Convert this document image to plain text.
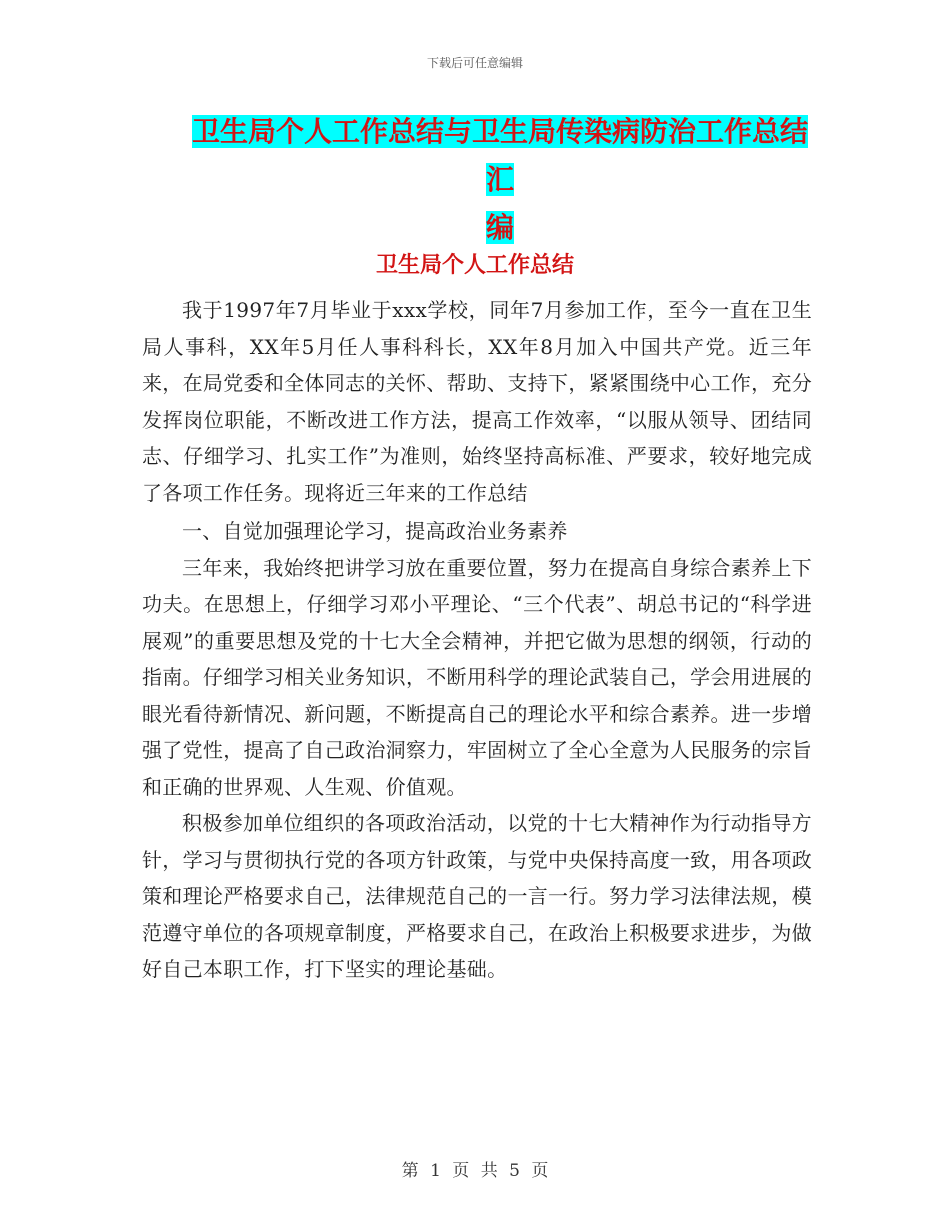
下载后可任意编辑
卫生局个人工作总结与卫生局传染病防治工作总结汇
编
卫生局个人工作总结

我于1997年7月毕业于xxx学校，同年7月参加工作，至今一直在卫生局人事科，XX年5月任人事科科长，XX年8月加入中国共产党。近三年来，在局党委和全体同志的关怀、帮助、支持下，紧紧围绕中心工作，充分发挥岗位职能，不断改进工作方法，提高工作效率，“以服从领导、团结同志、仔细学习、扎实工作”为准则，始终坚持高标准、严要求，较好地完成了各项工作任务。现将近三年来的工作总结

一、自觉加强理论学习，提高政治业务素养

三年来，我始终把讲学习放在重要位置，努力在提高自身综合素养上下功夫。在思想上，仔细学习邓小平理论、“三个代表”、胡总书记的“科学进展观”的重要思想及党的十七大全会精神，并把它做为思想的纲领，行动的指南。仔细学习相关业务知识，不断用科学的理论武装自己，学会用进展的眼光看待新情况、新问题，不断提高自己的理论水平和综合素养。进一步增强了党性，提高了自己政治洞察力，牢固树立了全心全意为人民服务的宗旨和正确的世界观、人生观、价值观。

积极参加单位组织的各项政治活动，以党的十七大精神作为行动指导方针，学习与贯彻执行党的各项方针政策，与党中央保持高度一致，用各项政策和理论严格要求自己，法律规范自己的一言一行。努力学习法律法规，模范遵守单位的各项规章制度，严格要求自己，在政治上积极要求进步，为做好自己本职工作，打下坚实的理论基础。

第 1 页 共 5 页
